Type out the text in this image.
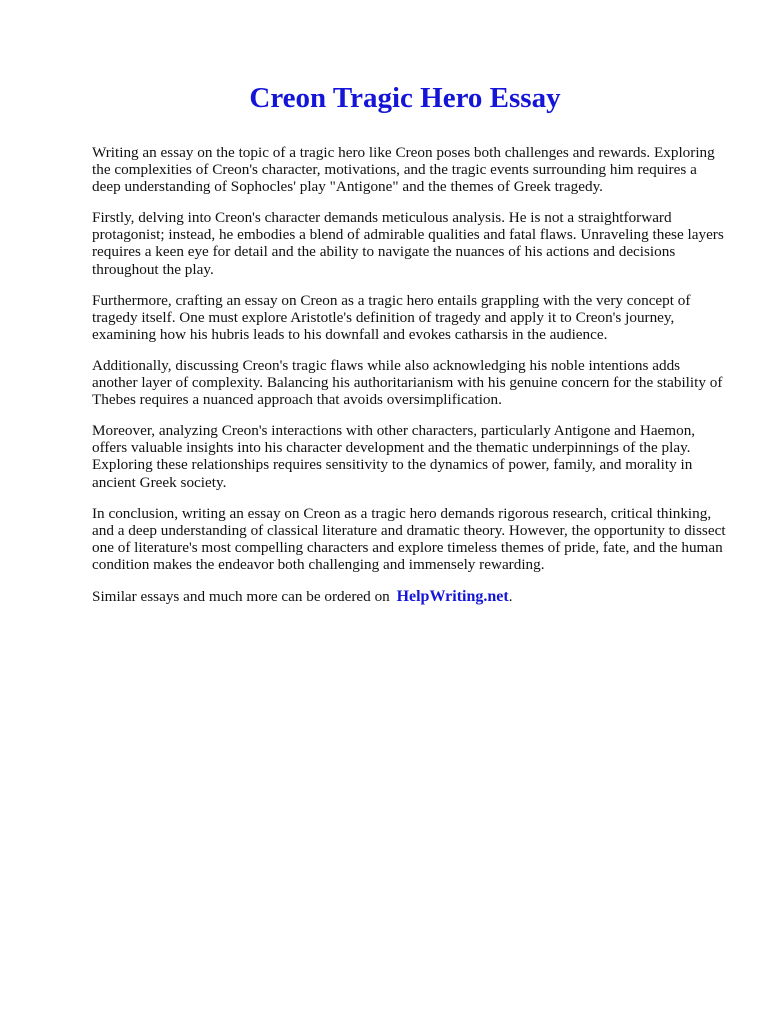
Creon Tragic Hero Essay

Writing an essay on the topic of a tragic hero like Creon poses both challenges and rewards. Exploring the complexities of Creon's character, motivations, and the tragic events surrounding him requires a deep understanding of Sophocles' play "Antigone" and the themes of Greek tragedy.

Firstly, delving into Creon's character demands meticulous analysis. He is not a straightforward protagonist; instead, he embodies a blend of admirable qualities and fatal flaws. Unraveling these layers requires a keen eye for detail and the ability to navigate the nuances of his actions and decisions throughout the play.

Furthermore, crafting an essay on Creon as a tragic hero entails grappling with the very concept of tragedy itself. One must explore Aristotle's definition of tragedy and apply it to Creon's journey, examining how his hubris leads to his downfall and evokes catharsis in the audience.

Additionally, discussing Creon's tragic flaws while also acknowledging his noble intentions adds another layer of complexity. Balancing his authoritarianism with his genuine concern for the stability of Thebes requires a nuanced approach that avoids oversimplification.

Moreover, analyzing Creon's interactions with other characters, particularly Antigone and Haemon, offers valuable insights into his character development and the thematic underpinnings of the play. Exploring these relationships requires sensitivity to the dynamics of power, family, and morality in ancient Greek society.

In conclusion, writing an essay on Creon as a tragic hero demands rigorous research, critical thinking, and a deep understanding of classical literature and dramatic theory. However, the opportunity to dissect one of literature's most compelling characters and explore timeless themes of pride, fate, and the human condition makes the endeavor both challenging and immensely rewarding.

Similar essays and much more can be ordered on HelpWriting.net.
